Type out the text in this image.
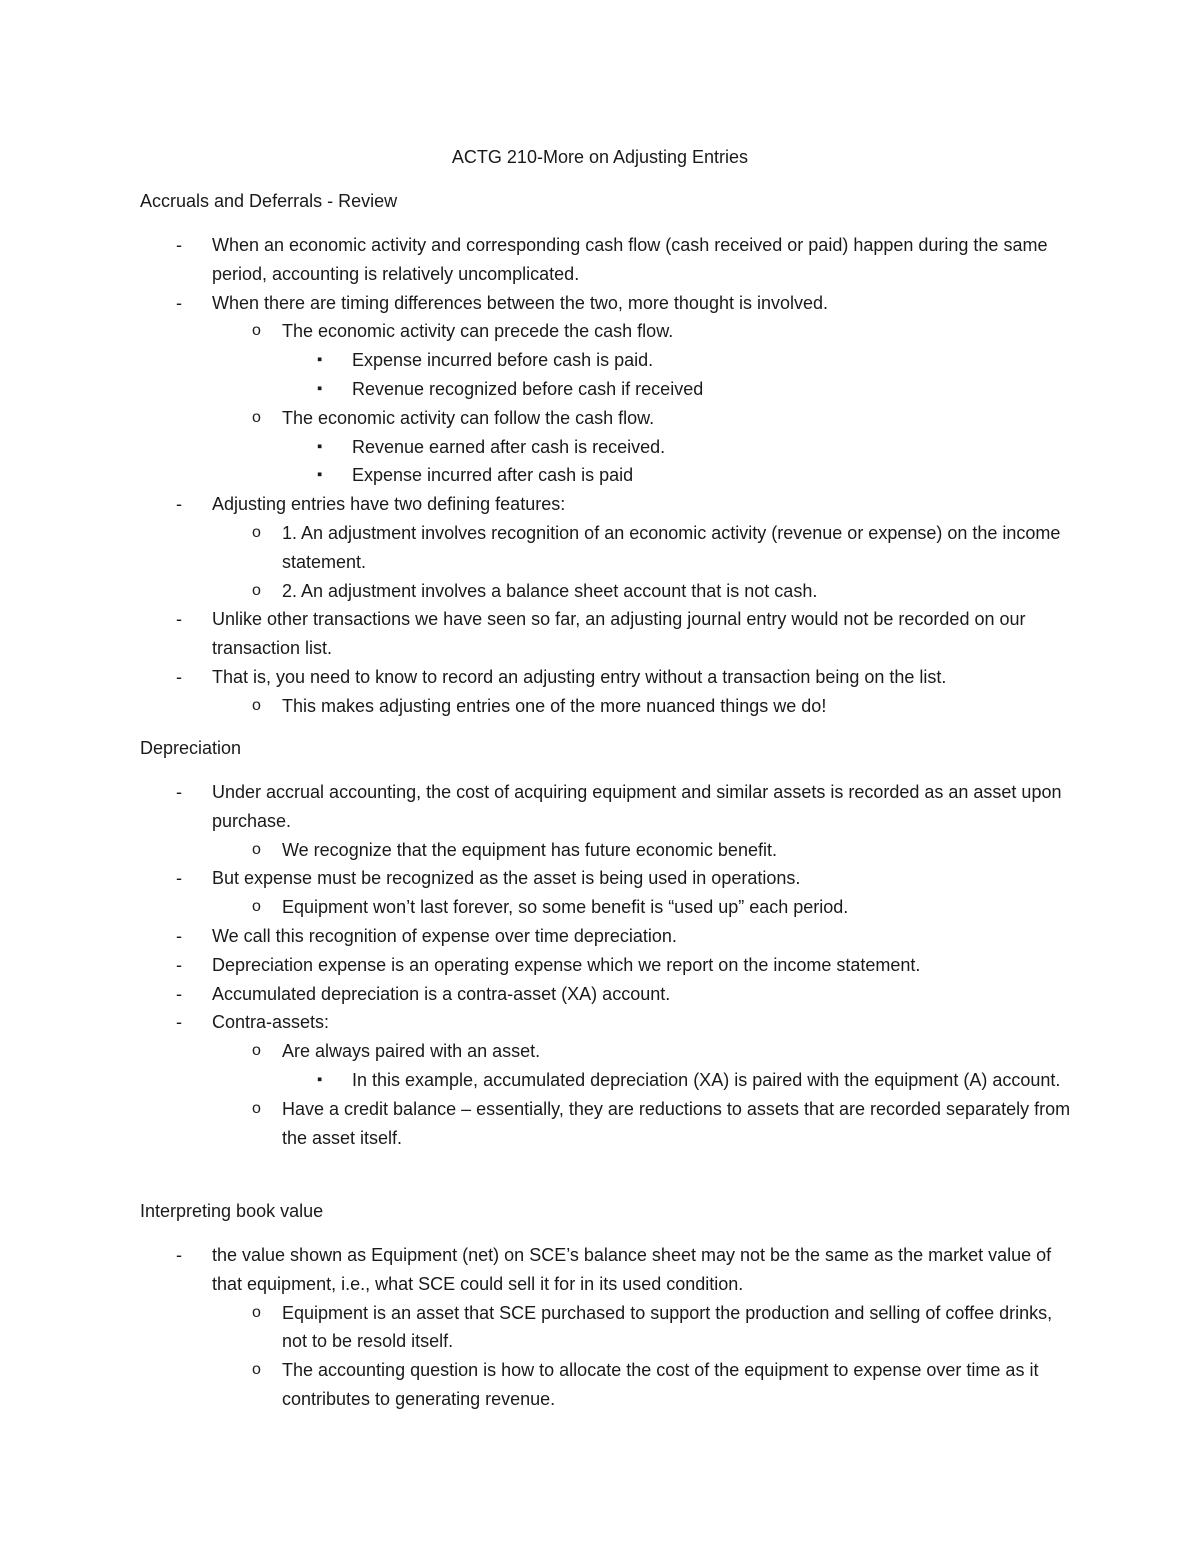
ACTG 210-More on Adjusting Entries
Accruals and Deferrals - Review
- When an economic activity and corresponding cash flow (cash received or paid) happen during the same period, accounting is relatively uncomplicated.
- When there are timing differences between the two, more thought is involved.
o The economic activity can precede the cash flow.
▪ Expense incurred before cash is paid.
▪ Revenue recognized before cash if received
o The economic activity can follow the cash flow.
▪ Revenue earned after cash is received.
▪ Expense incurred after cash is paid
- Adjusting entries have two defining features:
o 1. An adjustment involves recognition of an economic activity (revenue or expense) on the income statement.
o 2. An adjustment involves a balance sheet account that is not cash.
- Unlike other transactions we have seen so far, an adjusting journal entry would not be recorded on our transaction list.
- That is, you need to know to record an adjusting entry without a transaction being on the list.
o This makes adjusting entries one of the more nuanced things we do!
Depreciation
- Under accrual accounting, the cost of acquiring equipment and similar assets is recorded as an asset upon purchase.
o We recognize that the equipment has future economic benefit.
- But expense must be recognized as the asset is being used in operations.
o Equipment won’t last forever, so some benefit is “used up” each period.
- We call this recognition of expense over time depreciation.
- Depreciation expense is an operating expense which we report on the income statement.
- Accumulated depreciation is a contra-asset (XA) account.
- Contra-assets:
o Are always paired with an asset.
▪ In this example, accumulated depreciation (XA) is paired with the equipment (A) account.
o Have a credit balance – essentially, they are reductions to assets that are recorded separately from the asset itself.
Interpreting book value
- the value shown as Equipment (net) on SCE’s balance sheet may not be the same as the market value of that equipment, i.e., what SCE could sell it for in its used condition.
o Equipment is an asset that SCE purchased to support the production and selling of coffee drinks, not to be resold itself.
o The accounting question is how to allocate the cost of the equipment to expense over time as it contributes to generating revenue.
